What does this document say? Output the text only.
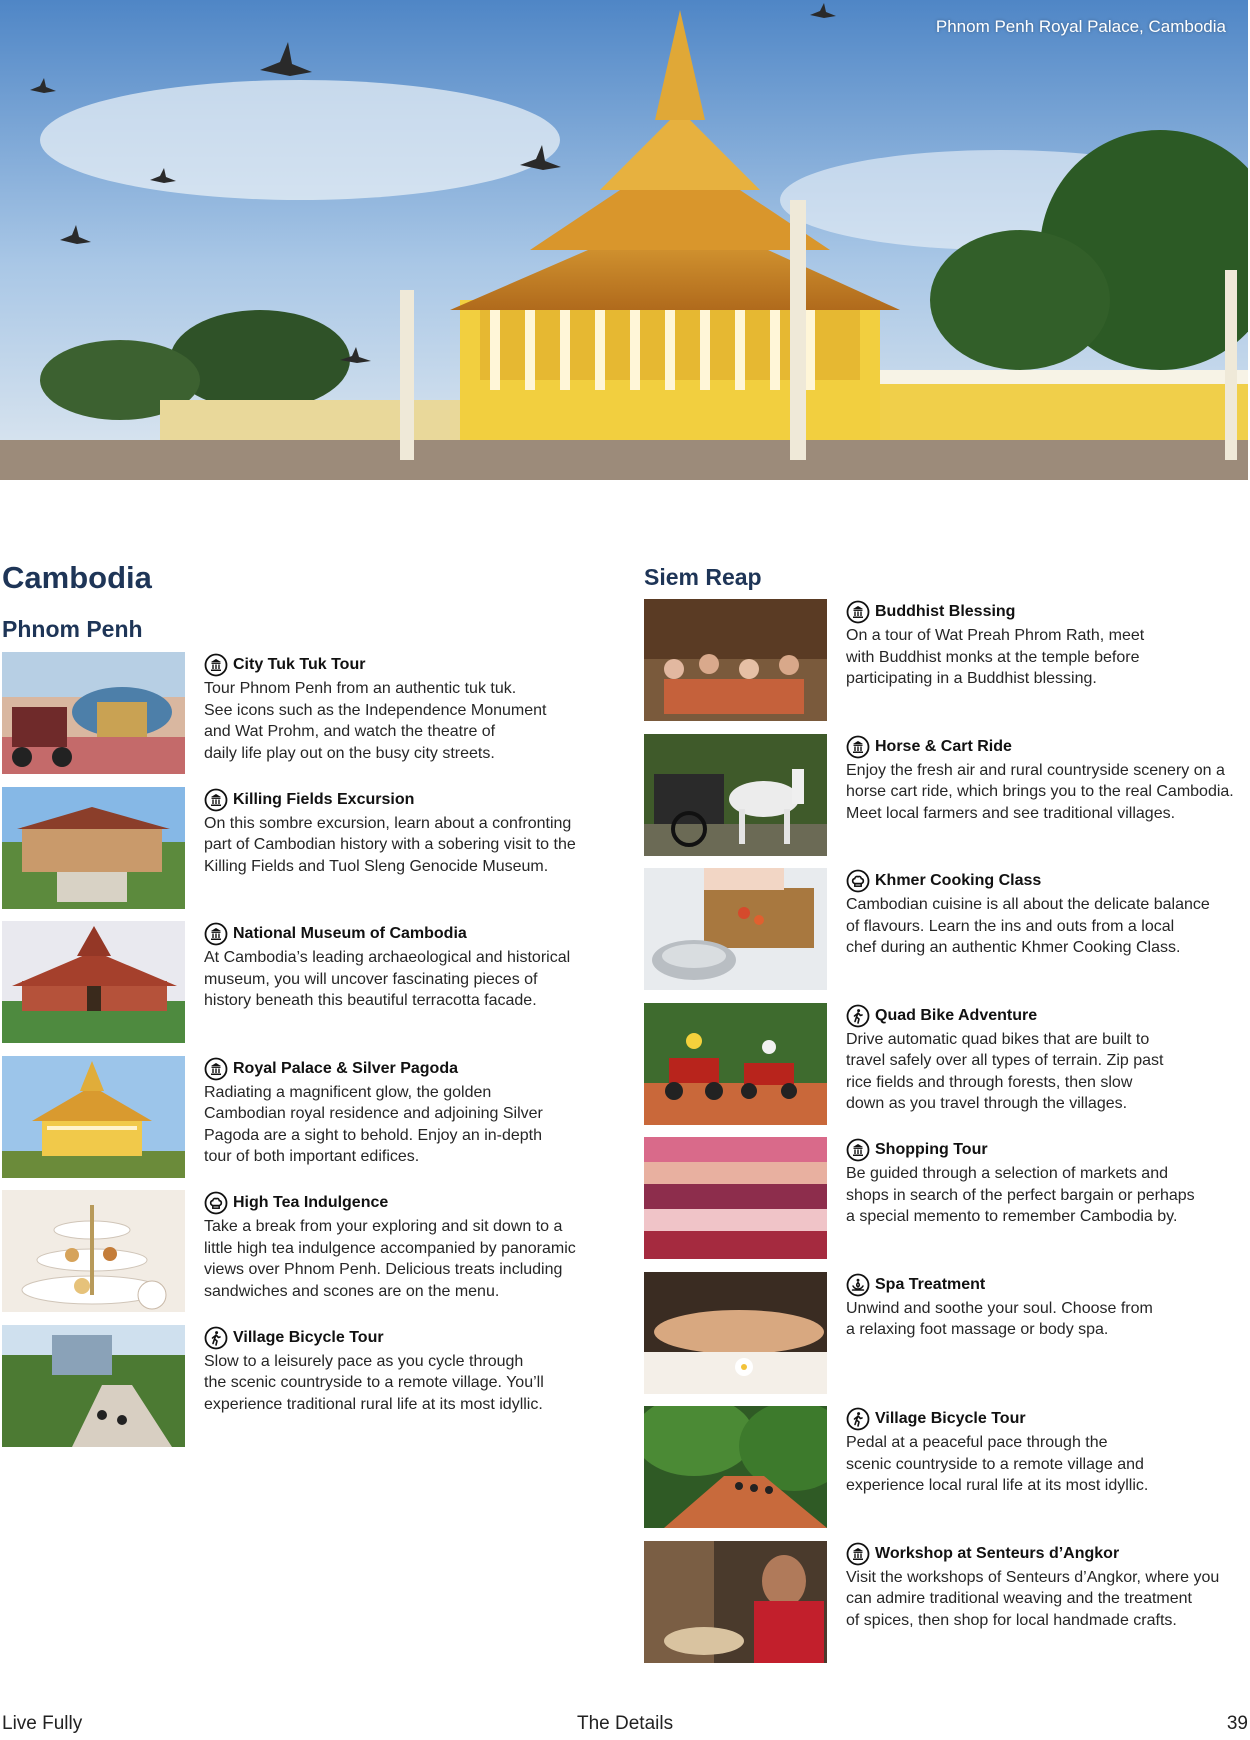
Phnom Penh Royal Palace, Cambodia
Cambodia
Phnom Penh
Siem Reap
City Tuk Tuk Tour
Tour Phnom Penh from an authentic tuk tuk.
See icons such as the Independence Monument
and Wat Prohm, and watch the theatre of
daily life play out on the busy city streets.
Killing Fields Excursion
On this sombre excursion, learn about a confronting
part of Cambodian history with a sobering visit to the
Killing Fields and Tuol Sleng Genocide Museum.
National Museum of Cambodia
At Cambodia’s leading archaeological and historical
museum, you will uncover fascinating pieces of
history beneath this beautiful terracotta facade.
Royal Palace & Silver Pagoda
Radiating a magnificent glow, the golden
Cambodian royal residence and adjoining Silver
Pagoda are a sight to behold. Enjoy an in-depth
tour of both important edifices.
High Tea Indulgence
Take a break from your exploring and sit down to a
little high tea indulgence accompanied by panoramic
views over Phnom Penh. Delicious treats including
sandwiches and scones are on the menu.
Village Bicycle Tour
Slow to a leisurely pace as you cycle through
the scenic countryside to a remote village. You’ll
experience traditional rural life at its most idyllic.
Buddhist Blessing
On a tour of Wat Preah Phrom Rath, meet
with Buddhist monks at the temple before
participating in a Buddhist blessing.
Horse & Cart Ride
Enjoy the fresh air and rural countryside scenery on a
horse cart ride, which brings you to the real Cambodia.
Meet local farmers and see traditional villages.
Khmer Cooking Class
Cambodian cuisine is all about the delicate balance
of flavours. Learn the ins and outs from a local
chef during an authentic Khmer Cooking Class.
Quad Bike Adventure
Drive automatic quad bikes that are built to
travel safely over all types of terrain. Zip past
rice fields and through forests, then slow
down as you travel through the villages.
Shopping Tour
Be guided through a selection of markets and
shops in search of the perfect bargain or perhaps
a special memento to remember Cambodia by.
Spa Treatment
Unwind and soothe your soul. Choose from
a relaxing foot massage or body spa.
Village Bicycle Tour
Pedal at a peaceful pace through the
scenic countryside to a remote village and
experience local rural life at its most idyllic.
Workshop at Senteurs d’Angkor
Visit the workshops of Senteurs d’Angkor, where you
can admire traditional weaving and the treatment
of spices, then shop for local handmade crafts.
Live Fully	The Details	39
